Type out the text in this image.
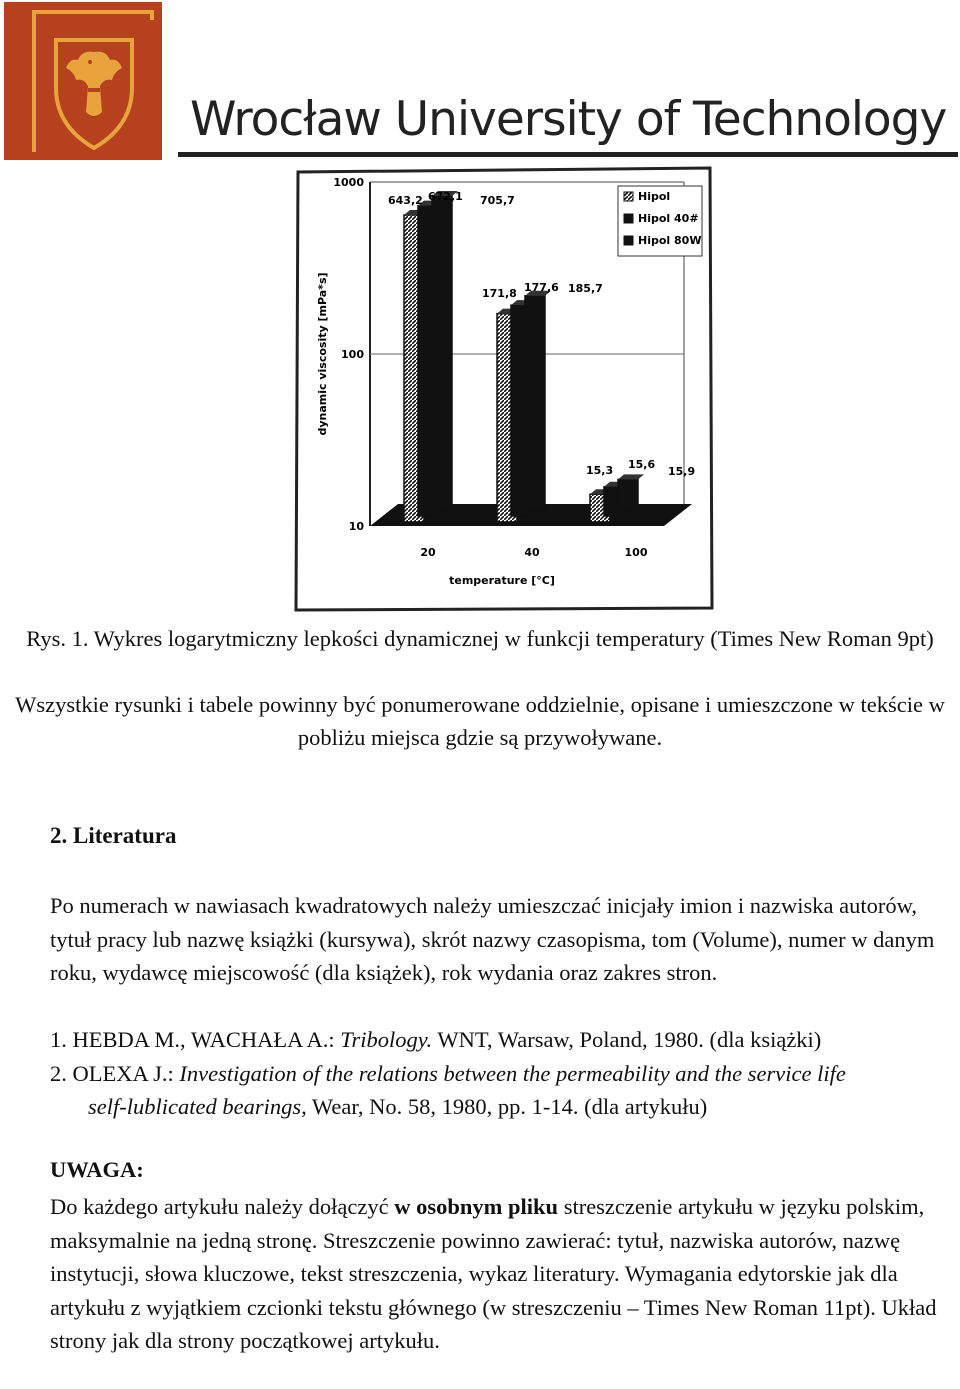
Wrocław University of Technology
1000
100
10
dynamic viscosity [mPa*s]
643,2 672,1 705,7
171,8 177,6 185,7
15,3 15,6
15,9
20	40	100
temperature [°C]
Hipol
Hipol 40#
Hipol 80W
Rys. 1. Wykres logarytmiczny lepkości dynamicznej w funkcji temperatury (Times New Roman 9pt)
Wszystkie rysunki i tabele powinny być ponumerowane oddzielnie, opisane i umieszczone w tekście w pobliżu miejsca gdzie są przywoływane.
2. Literatura
Po numerach w nawiasach kwadratowych należy umieszczać inicjały imion i nazwiska autorów, tytuł pracy lub nazwę książki (kursywa), skrót nazwy czasopisma, tom (Volume), numer w danym roku, wydawcę miejscowość (dla książek), rok wydania oraz zakres stron.
1. HEBDA M., WACHAŁA A.: Tribology. WNT, Warsaw, Poland, 1980. (dla książki)
2. OLEXA J.: Investigation of the relations between the permeability and the service life
self-lublicated bearings, Wear, No. 58, 1980, pp. 1-14. (dla artykułu)
UWAGA:
Do każdego artykułu należy dołączyć w osobnym pliku streszczenie artykułu w języku polskim, maksymalnie na jedną stronę. Streszczenie powinno zawierać: tytuł, nazwiska autorów, nazwę instytucji, słowa kluczowe, tekst streszczenia, wykaz literatury. Wymagania edytorskie jak dla artykułu z wyjątkiem czcionki tekstu głównego (w streszczeniu – Times New Roman 11pt). Układ strony jak dla strony początkowej artykułu.
